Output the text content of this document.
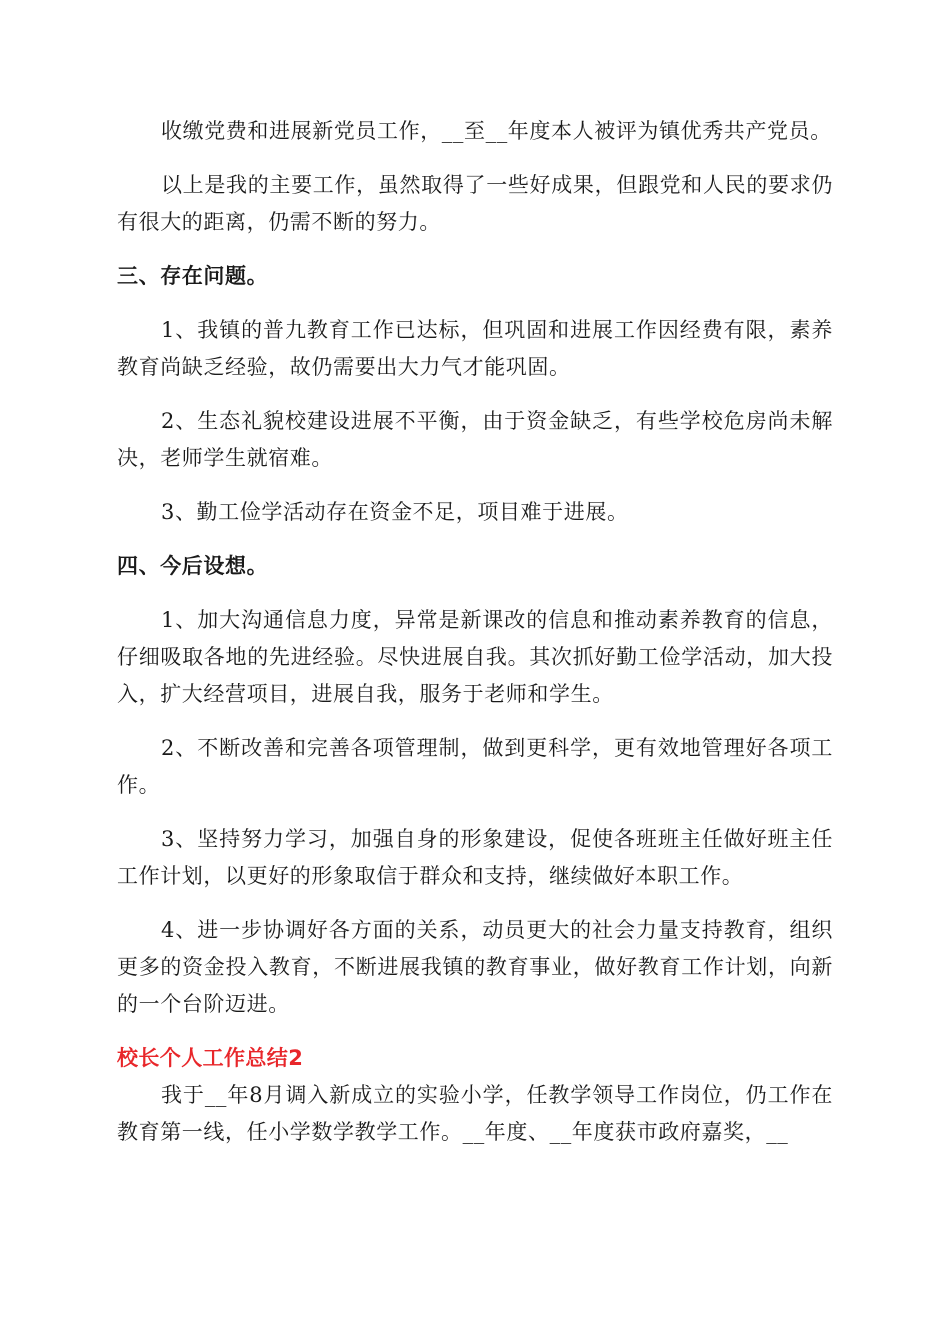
收缴党费和进展新党员工作，__至__年度本人被评为镇优秀共产党员。

以上是我的主要工作，虽然取得了一些好成果，但跟党和人民的要求仍有很大的距离，仍需不断的努力。

三、存在问题。

1、我镇的普九教育工作已达标，但巩固和进展工作因经费有限，素养教育尚缺乏经验，故仍需要出大力气才能巩固。

2、生态礼貌校建设进展不平衡，由于资金缺乏，有些学校危房尚未解决，老师学生就宿难。

3、勤工俭学活动存在资金不足，项目难于进展。

四、今后设想。

1、加大沟通信息力度，异常是新课改的信息和推动素养教育的信息，仔细吸取各地的先进经验。尽快进展自我。其次抓好勤工俭学活动，加大投入，扩大经营项目，进展自我，服务于老师和学生。

2、不断改善和完善各项管理制，做到更科学，更有效地管理好各项工作。

3、坚持努力学习，加强自身的形象建设，促使各班班主任做好班主任工作计划，以更好的形象取信于群众和支持，继续做好本职工作。

4、进一步协调好各方面的关系，动员更大的社会力量支持教育，组织更多的资金投入教育，不断进展我镇的教育事业，做好教育工作计划，向新的一个台阶迈进。

校长个人工作总结2

我于__年8月调入新成立的实验小学，任教学领导工作岗位，仍工作在教育第一线，任小学数学教学工作。__年度、__年度获市政府嘉奖，__
